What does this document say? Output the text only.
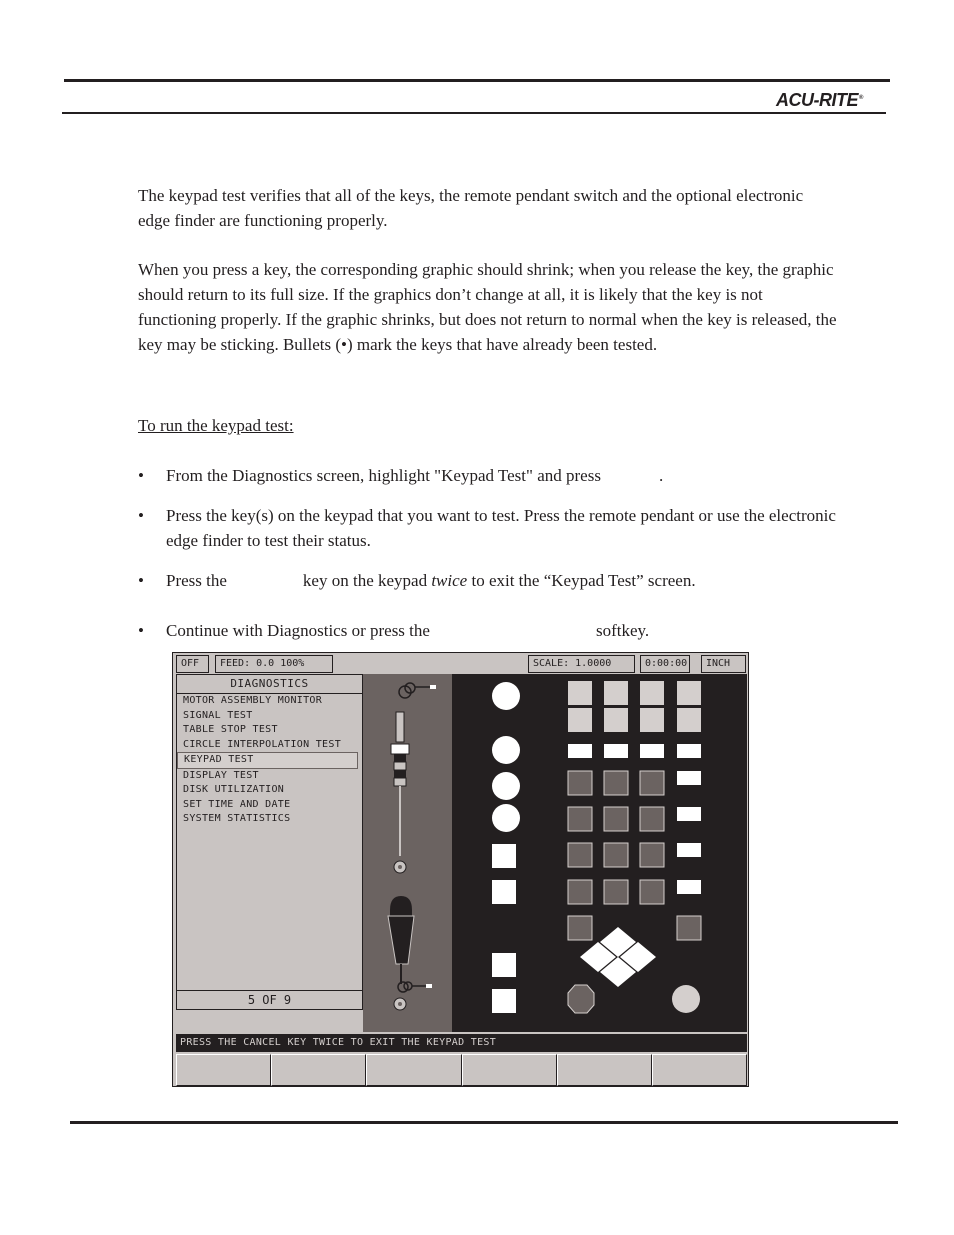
ACU-RITE®

The keypad test verifies that all of the keys, the remote pendant switch and the optional electronic edge finder are functioning properly.

When you press a key, the corresponding graphic should shrink; when you release the key, the graphic should return to its full size. If the graphics don’t change at all, it is likely that the key is not functioning properly. If the graphic shrinks, but does not return to normal when the key is released, the key may be sticking. Bullets (•) mark the keys that have already been tested.

To run the keypad test:
•	From the Diagnostics screen, highlight "Keypad Test" and press	.
•	Press the key(s) on the keypad that you want to test. Press the remote pendant or use the electronic edge finder to test their status.
•	Press the	key on the keypad twice to exit the “Keypad Test” screen.
•	Continue with Diagnostics or press the	softkey.
OFF	FEED: 0.0 100%	SCALE: 1.0000	0:00:00	INCH
DIAGNOSTICS
MOTOR ASSEMBLY MONITOR
SIGNAL TEST
TABLE STOP TEST
CIRCLE INTERPOLATION TEST
KEYPAD TEST
DISPLAY TEST
DISK UTILIZATION
SET TIME AND DATE
SYSTEM STATISTICS
5 OF 9
PRESS THE CANCEL KEY TWICE TO EXIT THE KEYPAD TEST
